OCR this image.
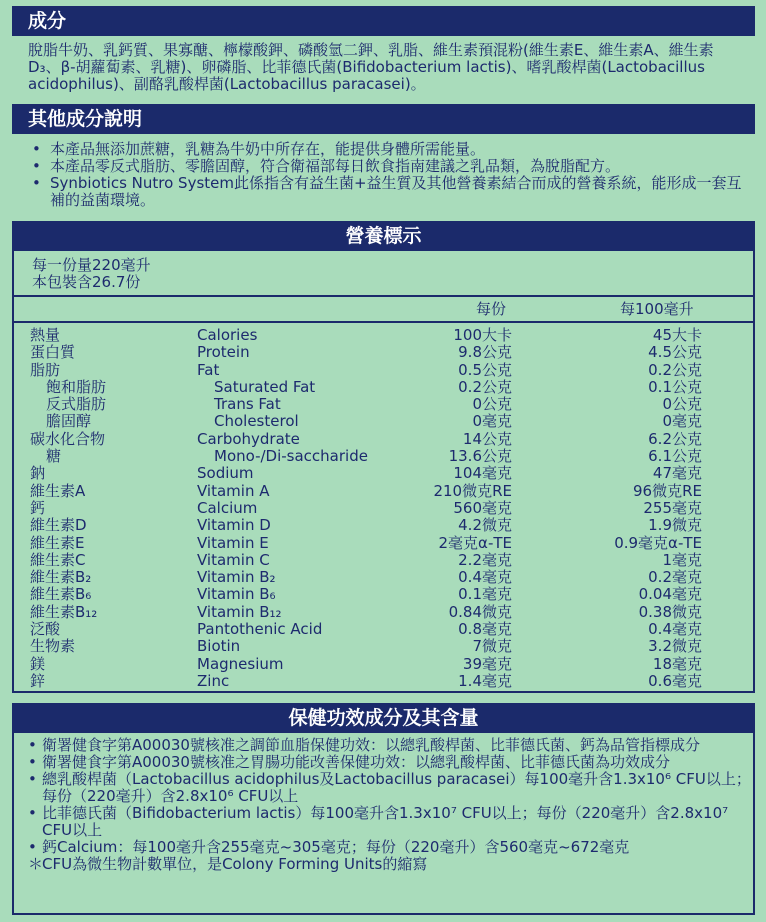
成分
脫脂牛奶、乳鈣質、果寡醣、檸檬酸鉀、磷酸氫二鉀、乳脂、維生素預混粉(維生素E、維生素A、維生素D₃、β-胡蘿蔔素、乳糖)、卵磷脂、比菲德氏菌(Bifidobacterium lactis)、嗜乳酸桿菌(Lactobacillus acidophilus)、副酪乳酸桿菌(Lactobacillus paracasei)。
其他成分說明
• 本產品無添加蔗糖，乳糖為牛奶中所存在，能提供身體所需能量。
• 本產品零反式脂肪、零膽固醇，符合衛福部每日飲食指南建議之乳品類，為脫脂配方。
• Synbiotics Nutro System此係指含有益生菌+益生質及其他營養素結合而成的營養系統，能形成一套互補的益菌環境。
營養標示
每一份量220毫升
本包裝含26.7份
每份	每100毫升
熱量	Calories	100大卡	45大卡
蛋白質	Protein	9.8公克	4.5公克
脂肪	Fat	0.5公克	0.2公克
飽和脂肪	Saturated Fat	0.2公克	0.1公克
反式脂肪	Trans Fat	0公克	0公克
膽固醇	Cholesterol	0毫克	0毫克
碳水化合物	Carbohydrate	14公克	6.2公克
糖	Mono-/Di-saccharide	13.6公克	6.1公克
鈉	Sodium	104毫克	47毫克
維生素A	Vitamin A	210微克RE	96微克RE
鈣	Calcium	560毫克	255毫克
維生素D	Vitamin D	4.2微克	1.9微克
維生素E	Vitamin E	2毫克α-TE	0.9毫克α-TE
維生素C	Vitamin C	2.2毫克	1毫克
維生素B₂	Vitamin B₂	0.4毫克	0.2毫克
維生素B₆	Vitamin B₆	0.1毫克	0.04毫克
維生素B₁₂	Vitamin B₁₂	0.84微克	0.38微克
泛酸	Pantothenic Acid	0.8毫克	0.4毫克
生物素	Biotin	7微克	3.2微克
鎂	Magnesium	39毫克	18毫克
鋅	Zinc	1.4毫克	0.6毫克
保健功效成分及其含量
• 衛署健食字第A00030號核准之調節血脂保健功效：以總乳酸桿菌、比菲德氏菌、鈣為品管指標成分
• 衛署健食字第A00030號核准之胃腸功能改善保健功效：以總乳酸桿菌、比菲德氏菌為功效成分
• 總乳酸桿菌（Lactobacillus acidophilus及Lactobacillus paracasei）每100毫升含1.3x10⁶ CFU以上；每份（220毫升）含2.8x10⁶ CFU以上
• 比菲德氏菌（Bifidobacterium lactis）每100毫升含1.3x10⁷ CFU以上；每份（220毫升）含2.8x10⁷ CFU以上
• 鈣Calcium：每100毫升含255毫克~305毫克；每份（220毫升）含560毫克~672毫克
＊
CFU為微生物計數單位，是Colony Forming Units的縮寫
